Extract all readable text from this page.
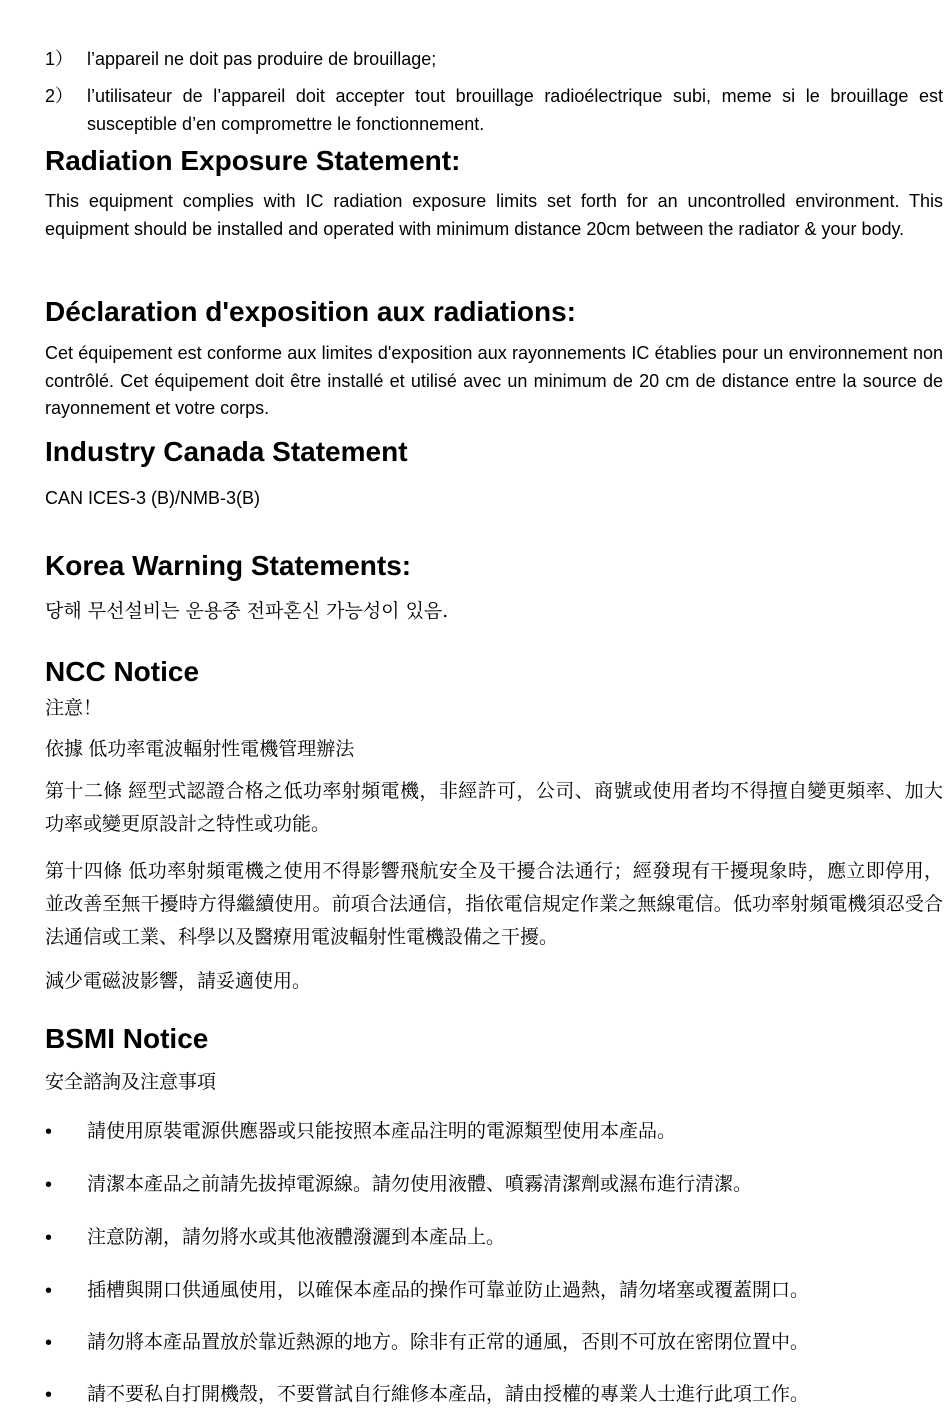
1） l’appareil ne doit pas produire de brouillage;
2） l’utilisateur de l’appareil doit accepter tout brouillage radioélectrique subi, meme si le brouillage est susceptible d’en compromettre le fonctionnement.
Radiation Exposure Statement:

This equipment complies with IC radiation exposure limits set forth for an uncontrolled environment. This equipment should be installed and operated with minimum distance 20cm between the radiator & your body.

Déclaration d'exposition aux radiations:

Cet équipement est conforme aux limites d'exposition aux rayonnements IC établies pour un environnement non contrôlé. Cet équipement doit être installé et utilisé avec un minimum de 20 cm de distance entre la source de rayonnement et votre corps.

Industry Canada Statement

CAN ICES-3 (B)/NMB-3(B)

Korea Warning Statements:

당해 무선설비는 운용중 전파혼신 가능성이 있음.

NCC Notice

注意！

依據 低功率電波輻射性電機管理辦法

第十二條 經型式認證合格之低功率射頻電機，非經許可，公司、商號或使用者均不得擅自變更頻率、加大功率或變更原設計之特性或功能。

第十四條 低功率射頻電機之使用不得影響飛航安全及干擾合法通行；經發現有干擾現象時，應立即停用，並改善至無干擾時方得繼續使用。前項合法通信，指依電信規定作業之無線電信。低功率射頻電機須忍受合法通信或工業、科學以及醫療用電波輻射性電機設備之干擾。

減少電磁波影響，請妥適使用。

BSMI Notice

安全諮詢及注意事項

• 請使用原裝電源供應器或只能按照本產品注明的電源類型使用本產品。
• 清潔本產品之前請先拔掉電源線。請勿使用液體、噴霧清潔劑或濕布進行清潔。
• 注意防潮，請勿將水或其他液體潑灑到本產品上。
• 插槽與開口供通風使用，以確保本產品的操作可靠並防止過熱，請勿堵塞或覆蓋開口。
• 請勿將本產品置放於靠近熱源的地方。除非有正常的通風，否則不可放在密閉位置中。
• 請不要私自打開機殼，不要嘗試自行維修本產品，請由授權的專業人士進行此項工作。
